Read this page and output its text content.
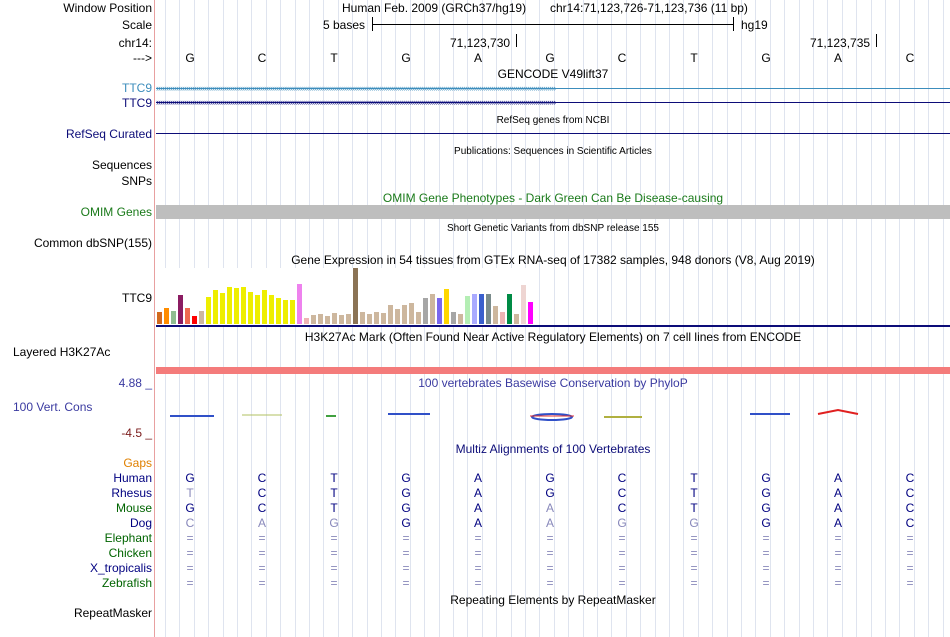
Window Position	Human Feb. 2009 (GRCh37/hg19) chr14:71,123,726-71,123,736 (11 bp)
Scale	5 bases	hg19
chr14:	71,123,730	71,123,735
--->	G	C	T	G	A	G	C	T	G	A	C
GENCODE V49lift37
TTC9 ››››››››››››››››››››››››››››››››››››››››››››››››››››››››››››››››››››››››››››››››››››››››››››››››››››››››››››››››››››››››››››››››››››››››››››››››››››››››››››››››››››››››››››››››››››››››››››››››››››››››
TTC9 ››››››››››››››››››››››››››››››››››››››››››››››››››››››››››››››››››››››››››››››››››››››››››››››››››››››››››››››››››››››››››››››››››››››››››››››››››››››››››››››››››››››››››››››››››››››››››››››››››››››››
RefSeq genes from NCBI
RefSeq Curated
Publications: Sequences in Scientific Articles
Sequences
SNPs
OMIM Gene Phenotypes - Dark Green Can Be Disease-causing
OMIM Genes
Short Genetic Variants from dbSNP release 155
Common dbSNP(155)
Gene Expression in 54 tissues from GTEx RNA-seq of 17382 samples, 948 donors (V8, Aug 2019)
TTC9
H3K27Ac Mark (Often Found Near Active Regulatory Elements) on 7 cell lines from ENCODE
Layered H3K27Ac
100 vertebrates Basewise Conservation by PhyloP
4.88 _
100 Vert. Cons
-4.5 _
Multiz Alignments of 100 Vertebrates
Gaps
Human	G	C	T	G	A	G	C	T	G	A	C
Rhesus	T	C	T	G	A	G	C	T	G	A	C
Mouse	G	C	T	G	A	A	C	T	G	A	C
Dog	C	A	G	G	A	A	G	G	G	A	C
Elephant	=	=	=	=	=	=	=	=	=	=	=
Chicken	=	=	=	=	=	=	=	=	=	=	=
X_tropicalis	=	=	=	=	=	=	=	=	=	=	=
Zebrafish	=	=	=	=	=	=	=	=	=	=	=
Repeating Elements by RepeatMasker
RepeatMasker
